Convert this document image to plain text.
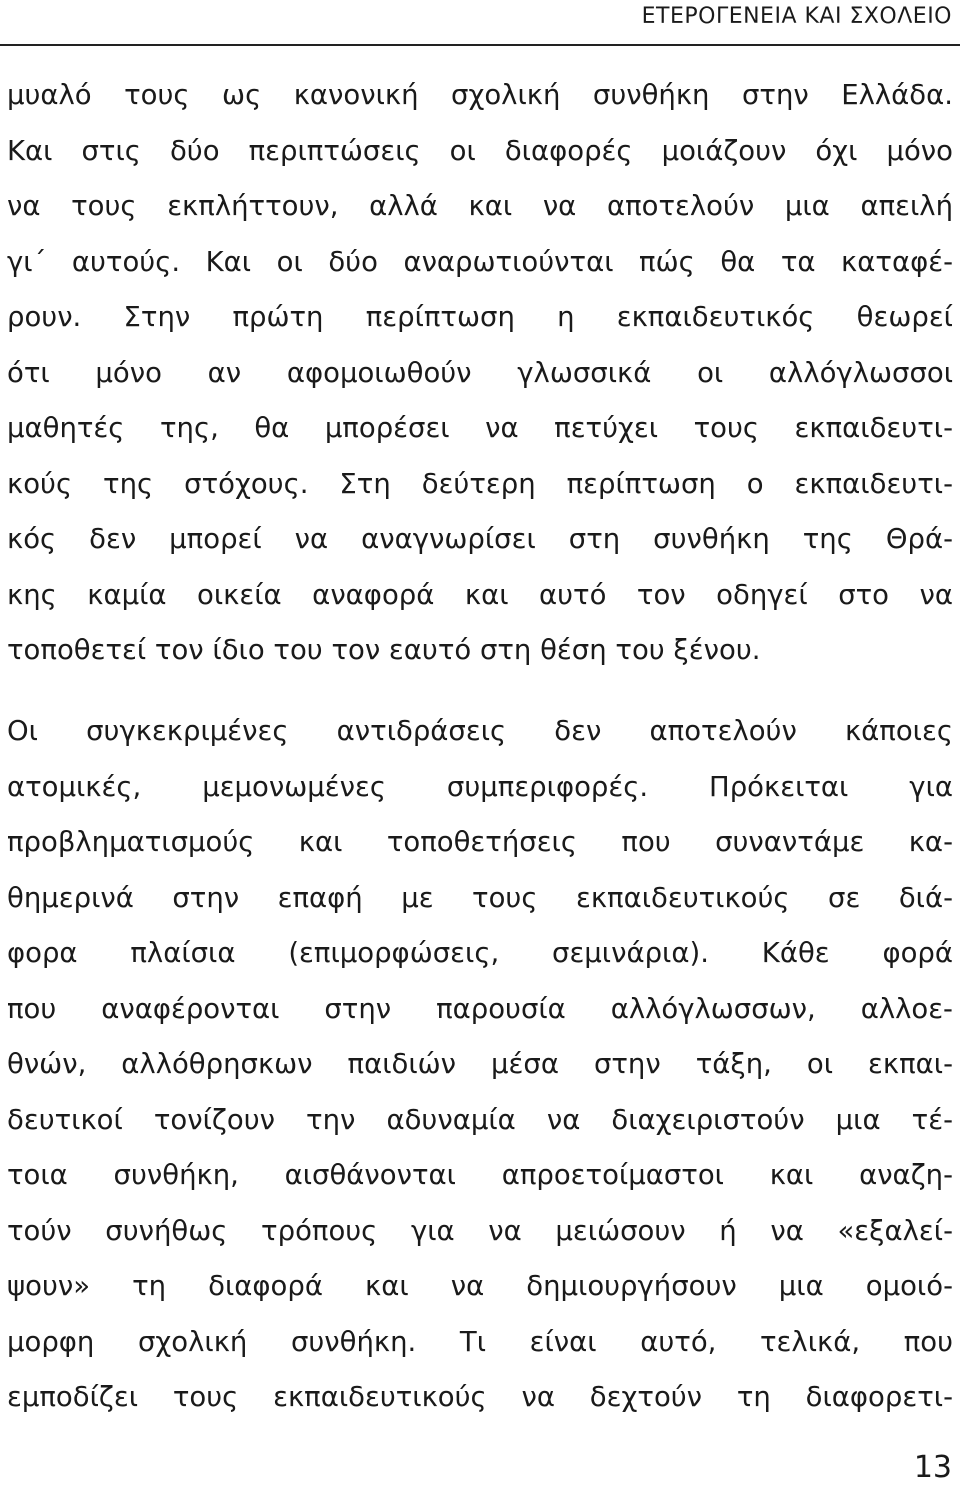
ΕΤΕΡΟΓΕΝΕΙΑ ΚΑΙ ΣΧΟΛΕΙΟ
μυαλό τους ως κανονική σχολική συνθήκη στην Ελλάδα.
Και στις δύο περιπτώσεις οι διαφορές μοιάζουν όχι μόνο
να τους εκπλήττουν, αλλά και να αποτελούν μια απειλή
γι΄ αυτούς. Και οι δύο αναρωτιούνται πώς θα τα καταφέ-
ρουν. Στην πρώτη περίπτωση η εκπαιδευτικός θεωρεί
ότι μόνο αν αφομοιωθούν γλωσσικά οι αλλόγλωσσοι
μαθητές της, θα μπορέσει να πετύχει τους εκπαιδευτι-
κούς της στόχους. Στη δεύτερη περίπτωση ο εκπαιδευτι-
κός δεν μπορεί να αναγνωρίσει στη συνθήκη της Θρά-
κης καμία οικεία αναφορά και αυτό τον οδηγεί στο να
τοποθετεί τον ίδιο του τον εαυτό στη θέση του ξένου.
Οι συγκεκριμένες αντιδράσεις δεν αποτελούν κάποιες
ατομικές, μεμονωμένες συμπεριφορές. Πρόκειται για
προβληματισμούς και τοποθετήσεις που συναντάμε κα-
θημερινά στην επαφή με τους εκπαιδευτικούς σε διά-
φορα πλαίσια (επιμορφώσεις, σεμινάρια). Κάθε φορά
που αναφέρονται στην παρουσία αλλόγλωσσων, αλλοε-
θνών, αλλόθρησκων παιδιών μέσα στην τάξη, οι εκπαι-
δευτικοί τονίζουν την αδυναμία να διαχειριστούν μια τέ-
τοια συνθήκη, αισθάνονται απροετοίμαστοι και αναζη-
τούν συνήθως τρόπους για να μειώσουν ή να «εξαλεί-
ψουν» τη διαφορά και να δημιουργήσουν μια ομοιό-
μορφη σχολική συνθήκη. Τι είναι αυτό, τελικά, που
εμποδίζει τους εκπαιδευτικούς να δεχτούν τη διαφορετι-
13
